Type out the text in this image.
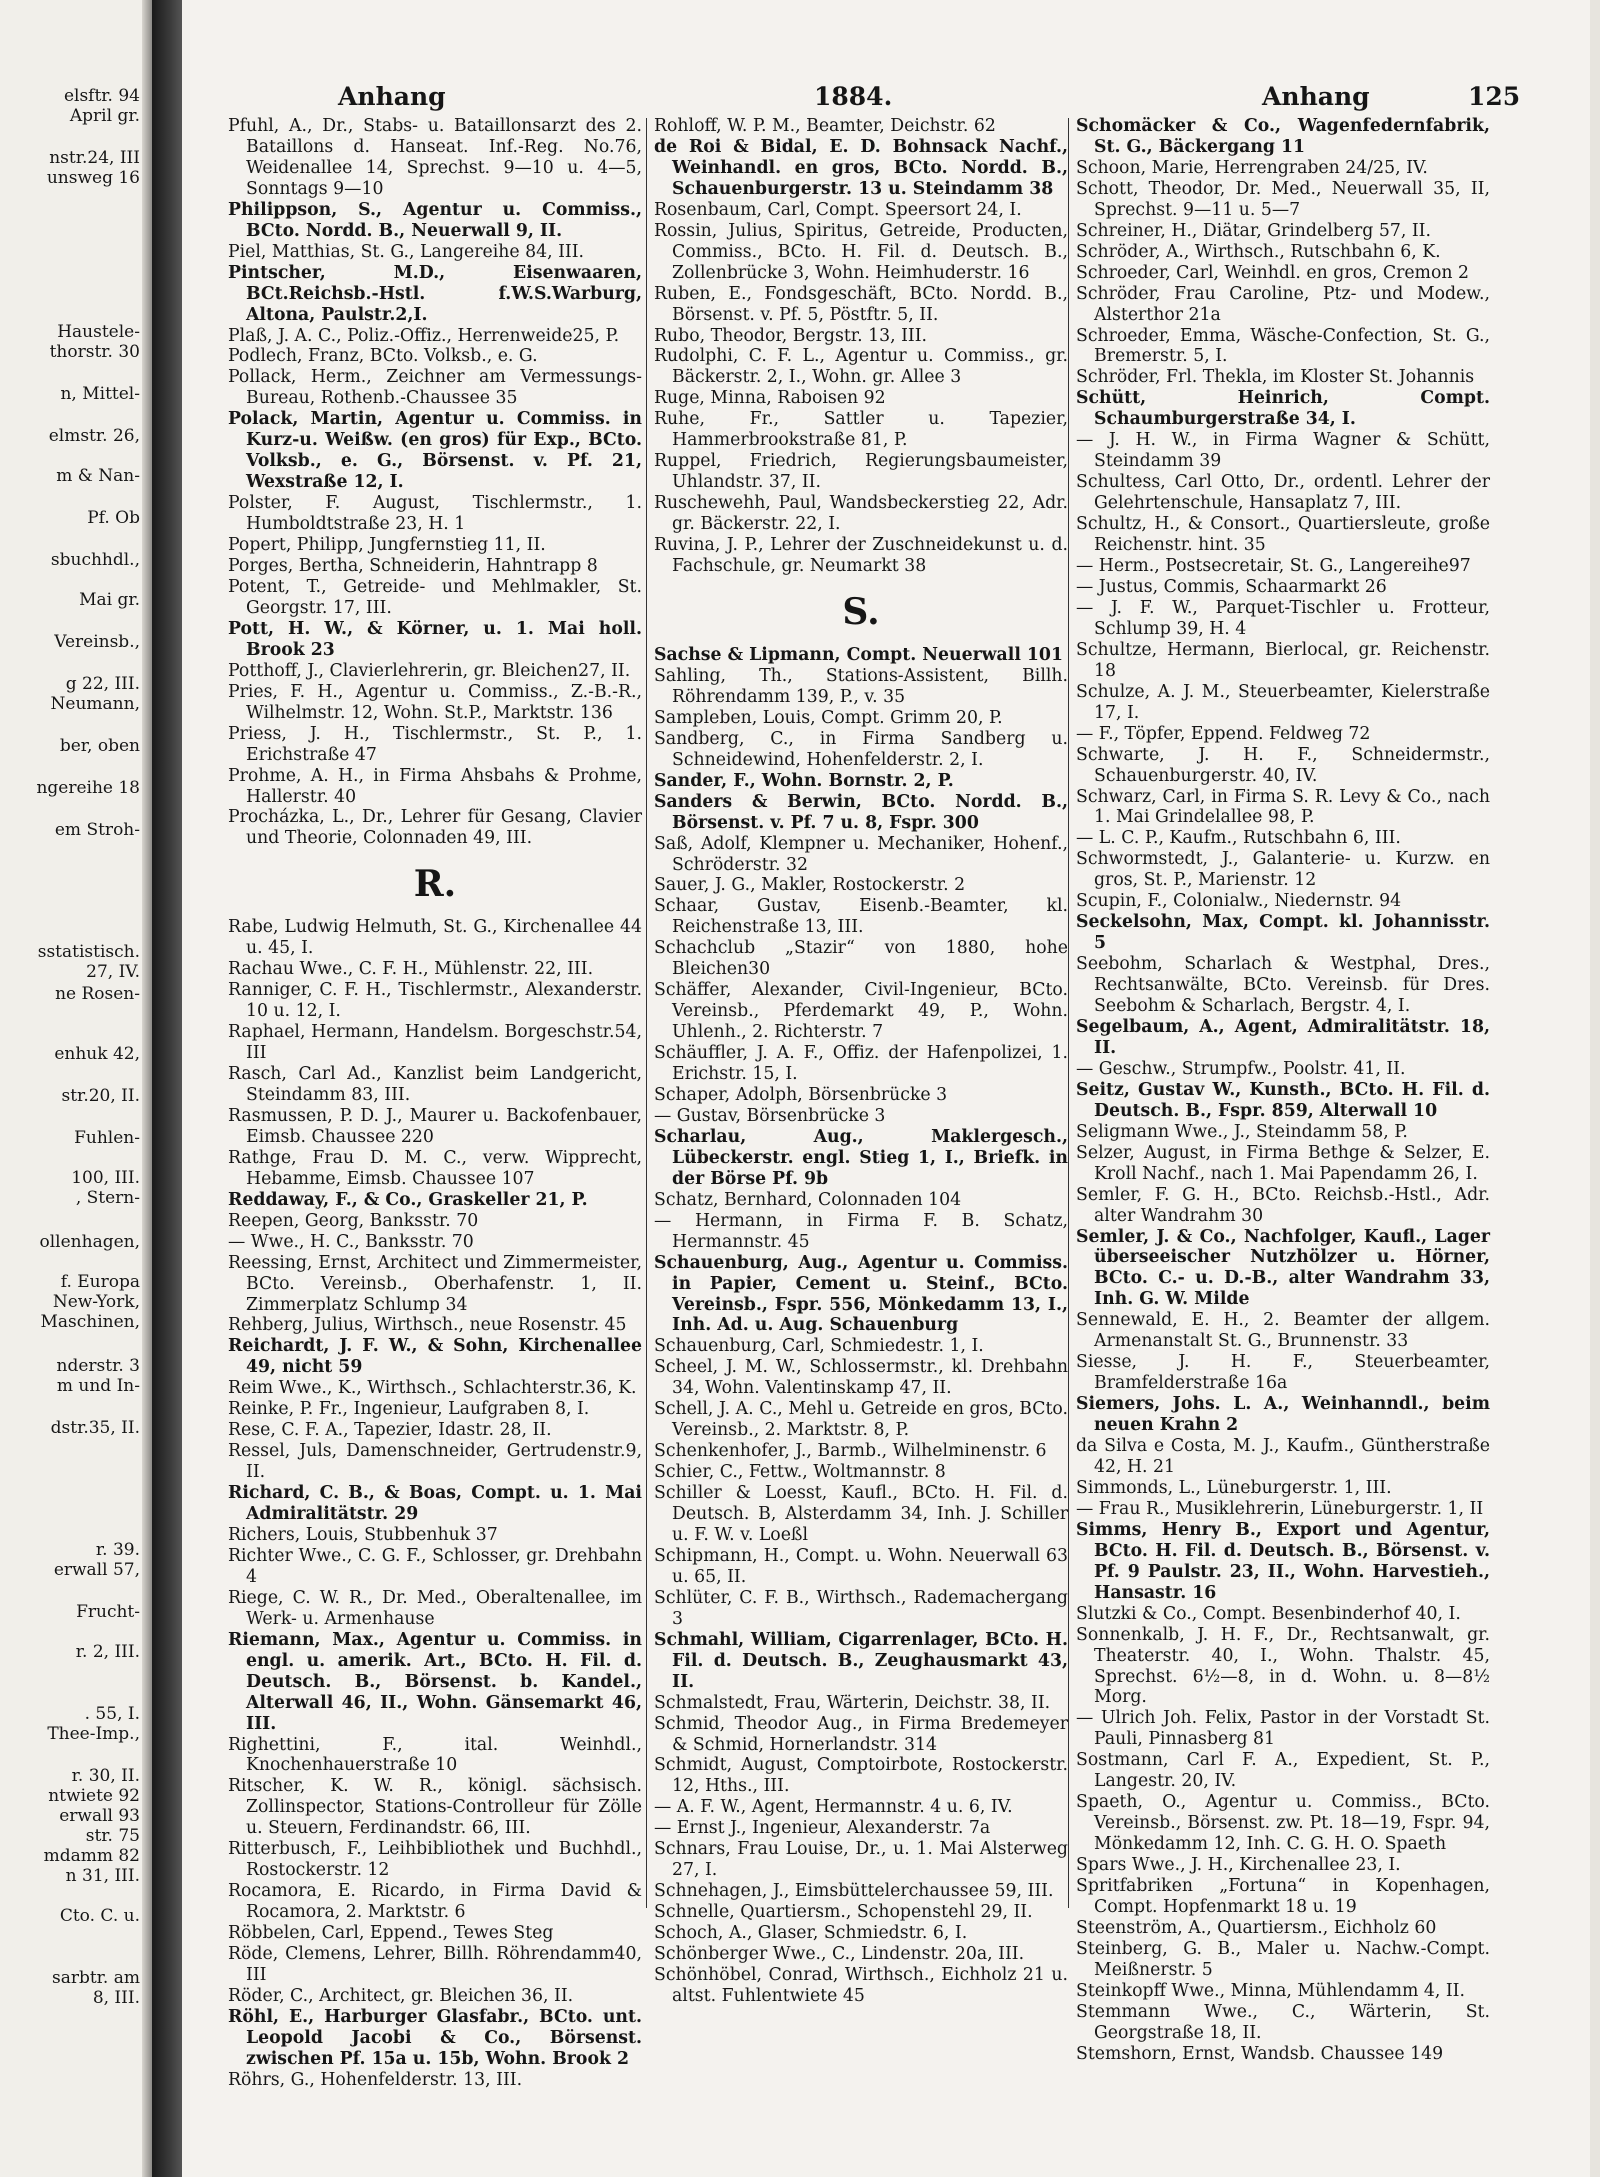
elsftr. 94
April gr.
nstr.24, III
unsweg 16
Haustele-
thorstr. 30
n, Mittel-
elmstr. 26,
m & Nan-
Pf. Ob
sbuchhdl.,
Mai gr.
Vereinsb.,
g 22, III.
Neumann,
ber, oben
ngereihe 18
em Stroh-
sstatistisch.
27, IV.
ne Rosen-
enhuk 42,
str.20, II.
Fuhlen-
100, III.
, Stern-
ollenhagen,
f. Europa
New-York,
Maschinen,
nderstr. 3
m und In-
dstr.35, II.
r. 39.
erwall 57,
Frucht-
r. 2, III.
. 55, I.
Thee-Imp.,
r. 30, II.
ntwiete 92
erwall 93
str. 75
mdamm 82
n 31, III.
Cto. C. u.
sarbtr. am
8, III.
Anhang	1884.	Anhang	125
Pfuhl, A., Dr., Stabs- u. Bataillonsarzt des 2. Bataillons d. Hanseat. Inf.-Reg. No.76, Weidenallee 14, Sprechst. 9—10 u. 4—5, Sonntags 9—10
Philippson, S., Agentur u. Commiss., BCto. Nordd. B., Neuerwall 9, II.
Piel, Matthias, St. G., Langereihe 84, III.
Pintscher, M.D., Eisenwaaren, BCt.Reichsb.-Hstl. f.W.S.Warburg, Altona, Paulstr.2,I.
Plaß, J. A. C., Poliz.-Offiz., Herrenweide25, P.
Podlech, Franz, BCto. Volksb., e. G.
Pollack, Herm., Zeichner am Vermessungs-Bureau, Rothenb.-Chaussee 35
Polack, Martin, Agentur u. Commiss. in Kurz-u. Weißw. (en gros) für Exp., BCto. Volksb., e. G., Börsenst. v. Pf. 21, Wexstraße 12, I.
Polster, F. August, Tischlermstr., 1. Humboldtstraße 23, H. 1
Popert, Philipp, Jungfernstieg 11, II.
Porges, Bertha, Schneiderin, Hahntrapp 8
Potent, T., Getreide- und Mehlmakler, St. Georgstr. 17, III.
Pott, H. W., & Körner, u. 1. Mai holl. Brook 23
Potthoff, J., Clavierlehrerin, gr. Bleichen27, II.
Pries, F. H., Agentur u. Commiss., Z.-B.-R., Wilhelmstr. 12, Wohn. St.P., Marktstr. 136
Priess, J. H., Tischlermstr., St. P., 1. Erichstraße 47
Prohme, A. H., in Firma Ahsbahs & Prohme, Hallerstr. 40
Procházka, L., Dr., Lehrer für Gesang, Clavier und Theorie, Colonnaden 49, III.
R.
Rabe, Ludwig Helmuth, St. G., Kirchenallee 44 u. 45, I.
Rachau Wwe., C. F. H., Mühlenstr. 22, III.
Ranniger, C. F. H., Tischlermstr., Alexanderstr. 10 u. 12, I.
Raphael, Hermann, Handelsm. Borgeschstr.54, III
Rasch, Carl Ad., Kanzlist beim Landgericht, Steindamm 83, III.
Rasmussen, P. D. J., Maurer u. Backofenbauer, Eimsb. Chaussee 220
Rathge, Frau D. M. C., verw. Wipprecht, Hebamme, Eimsb. Chaussee 107
Reddaway, F., & Co., Graskeller 21, P.
Reepen, Georg, Banksstr. 70
— Wwe., H. C., Banksstr. 70
Reessing, Ernst, Architect und Zimmermeister, BCto. Vereinsb., Oberhafenstr. 1, II. Zimmerplatz Schlump 34
Rehberg, Julius, Wirthsch., neue Rosenstr. 45
Reichardt, J. F. W., & Sohn, Kirchenallee 49, nicht 59
Reim Wwe., K., Wirthsch., Schlachterstr.36, K.
Reinke, P. Fr., Ingenieur, Laufgraben 8, I.
Rese, C. F. A., Tapezier, Idastr. 28, II.
Ressel, Juls, Damenschneider, Gertrudenstr.9, II.
Richard, C. B., & Boas, Compt. u. 1. Mai Admiralitätstr. 29
Richers, Louis, Stubbenhuk 37
Richter Wwe., C. G. F., Schlosser, gr. Drehbahn 4
Riege, C. W. R., Dr. Med., Oberaltenallee, im Werk- u. Armenhause
Riemann, Max., Agentur u. Commiss. in engl. u. amerik. Art., BCto. H. Fil. d. Deutsch. B., Börsenst. b. Kandel., Alterwall 46, II., Wohn. Gänsemarkt 46, III.
Righettini, F., ital. Weinhdl., Knochenhauerstraße 10
Ritscher, K. W. R., königl. sächsisch. Zollinspector, Stations-Controlleur für Zölle u. Steuern, Ferdinandstr. 66, III.
Ritterbusch, F., Leihbibliothek und Buchhdl., Rostockerstr. 12
Rocamora, E. Ricardo, in Firma David & Rocamora, 2. Marktstr. 6
Röbbelen, Carl, Eppend., Tewes Steg
Röde, Clemens, Lehrer, Billh. Röhrendamm40, III
Röder, C., Architect, gr. Bleichen 36, II.
Röhl, E., Harburger Glasfabr., BCto. unt. Leopold Jacobi & Co., Börsenst. zwischen Pf. 15a u. 15b, Wohn. Brook 2
Röhrs, G., Hohenfelderstr. 13, III.
Rohloff, W. P. M., Beamter, Deichstr. 62
de Roi & Bidal, E. D. Bohnsack Nachf., Weinhandl. en gros, BCto. Nordd. B., Schauenburgerstr. 13 u. Steindamm 38
Rosenbaum, Carl, Compt. Speersort 24, I.
Rossin, Julius, Spiritus, Getreide, Producten, Commiss., BCto. H. Fil. d. Deutsch. B., Zollenbrücke 3, Wohn. Heimhuderstr. 16
Ruben, E., Fondsgeschäft, BCto. Nordd. B., Börsenst. v. Pf. 5, Pöstftr. 5, II.
Rubo, Theodor, Bergstr. 13, III.
Rudolphi, C. F. L., Agentur u. Commiss., gr. Bäckerstr. 2, I., Wohn. gr. Allee 3
Ruge, Minna, Raboisen 92
Ruhe, Fr., Sattler u. Tapezier, Hammerbrookstraße 81, P.
Ruppel, Friedrich, Regierungsbaumeister, Uhlandstr. 37, II.
Ruschewehh, Paul, Wandsbeckerstieg 22, Adr. gr. Bäckerstr. 22, I.
Ruvina, J. P., Lehrer der Zuschneidekunst u. d. Fachschule, gr. Neumarkt 38
S.
Sachse & Lipmann, Compt. Neuerwall 101
Sahling, Th., Stations-Assistent, Billh. Röhrendamm 139, P., v. 35
Sampleben, Louis, Compt. Grimm 20, P.
Sandberg, C., in Firma Sandberg u. Schneidewind, Hohenfelderstr. 2, I.
Sander, F., Wohn. Bornstr. 2, P.
Sanders & Berwin, BCto. Nordd. B., Börsenst. v. Pf. 7 u. 8, Fspr. 300
Saß, Adolf, Klempner u. Mechaniker, Hohenf., Schröderstr. 32
Sauer, J. G., Makler, Rostockerstr. 2
Schaar, Gustav, Eisenb.-Beamter, kl. Reichenstraße 13, III.
Schachclub „Stazir“ von 1880, hohe Bleichen30
Schäffer, Alexander, Civil-Ingenieur, BCto. Vereinsb., Pferdemarkt 49, P., Wohn. Uhlenh., 2. Richterstr. 7
Schäuffler, J. A. F., Offiz. der Hafenpolizei, 1. Erichstr. 15, I.
Schaper, Adolph, Börsenbrücke 3
— Gustav, Börsenbrücke 3
Scharlau, Aug., Maklergesch., Lübeckerstr. engl. Stieg 1, I., Briefk. in der Börse Pf. 9b
Schatz, Bernhard, Colonnaden 104
— Hermann, in Firma F. B. Schatz, Hermannstr. 45
Schauenburg, Aug., Agentur u. Commiss. in Papier, Cement u. Steinf., BCto. Vereinsb., Fspr. 556, Mönkedamm 13, I., Inh. Ad. u. Aug. Schauenburg
Schauenburg, Carl, Schmiedestr. 1, I.
Scheel, J. M. W., Schlossermstr., kl. Drehbahn 34, Wohn. Valentinskamp 47, II.
Schell, J. A. C., Mehl u. Getreide en gros, BCto. Vereinsb., 2. Marktstr. 8, P.
Schenkenhofer, J., Barmb., Wilhelminenstr. 6
Schier, C., Fettw., Woltmannstr. 8
Schiller & Loesst, Kaufl., BCto. H. Fil. d. Deutsch. B, Alsterdamm 34, Inh. J. Schiller u. F. W. v. Loeßl
Schipmann, H., Compt. u. Wohn. Neuerwall 63 u. 65, II.
Schlüter, C. F. B., Wirthsch., Rademachergang 3
Schmahl, William, Cigarrenlager, BCto. H. Fil. d. Deutsch. B., Zeughausmarkt 43, II.
Schmalstedt, Frau, Wärterin, Deichstr. 38, II.
Schmid, Theodor Aug., in Firma Bredemeyer & Schmid, Hornerlandstr. 314
Schmidt, August, Comptoirbote, Rostockerstr. 12, Hths., III.
— A. F. W., Agent, Hermannstr. 4 u. 6, IV.
— Ernst J., Ingenieur, Alexanderstr. 7a
Schnars, Frau Louise, Dr., u. 1. Mai Alsterweg 27, I.
Schnehagen, J., Eimsbüttelerchaussee 59, III.
Schnelle, Quartiersm., Schopenstehl 29, II.
Schoch, A., Glaser, Schmiedstr. 6, I.
Schönberger Wwe., C., Lindenstr. 20a, III.
Schönhöbel, Conrad, Wirthsch., Eichholz 21 u. altst. Fuhlentwiete 45
Schomäcker & Co., Wagenfedernfabrik, St. G., Bäckergang 11
Schoon, Marie, Herrengraben 24/25, IV.
Schott, Theodor, Dr. Med., Neuerwall 35, II, Sprechst. 9—11 u. 5—7
Schreiner, H., Diätar, Grindelberg 57, II.
Schröder, A., Wirthsch., Rutschbahn 6, K.
Schroeder, Carl, Weinhdl. en gros, Cremon 2
Schröder, Frau Caroline, Ptz- und Modew., Alsterthor 21a
Schroeder, Emma, Wäsche-Confection, St. G., Bremerstr. 5, I.
Schröder, Frl. Thekla, im Kloster St. Johannis
Schütt, Heinrich, Compt. Schaumburgerstraße 34, I.
— J. H. W., in Firma Wagner & Schütt, Steindamm 39
Schultess, Carl Otto, Dr., ordentl. Lehrer der Gelehrtenschule, Hansaplatz 7, III.
Schultz, H., & Consort., Quartiersleute, große Reichenstr. hint. 35
— Herm., Postsecretair, St. G., Langereihe97
— Justus, Commis, Schaarmarkt 26
— J. F. W., Parquet-Tischler u. Frotteur, Schlump 39, H. 4
Schultze, Hermann, Bierlocal, gr. Reichenstr. 18
Schulze, A. J. M., Steuerbeamter, Kielerstraße 17, I.
— F., Töpfer, Eppend. Feldweg 72
Schwarte, J. H. F., Schneidermstr., Schauenburgerstr. 40, IV.
Schwarz, Carl, in Firma S. R. Levy & Co., nach 1. Mai Grindelallee 98, P.
— L. C. P., Kaufm., Rutschbahn 6, III.
Schwormstedt, J., Galanterie- u. Kurzw. en gros, St. P., Marienstr. 12
Scupin, F., Colonialw., Niedernstr. 94
Seckelsohn, Max, Compt. kl. Johannisstr. 5
Seebohm, Scharlach & Westphal, Dres., Rechtsanwälte, BCto. Vereinsb. für Dres. Seebohm & Scharlach, Bergstr. 4, I.
Segelbaum, A., Agent, Admiralitätstr. 18, II.
— Geschw., Strumpfw., Poolstr. 41, II.
Seitz, Gustav W., Kunsth., BCto. H. Fil. d. Deutsch. B., Fspr. 859, Alterwall 10
Seligmann Wwe., J., Steindamm 58, P.
Selzer, August, in Firma Bethge & Selzer, E. Kroll Nachf., nach 1. Mai Papendamm 26, I.
Semler, F. G. H., BCto. Reichsb.-Hstl., Adr. alter Wandrahm 30
Semler, J. & Co., Nachfolger, Kaufl., Lager überseeischer Nutzhölzer u. Hörner, BCto. C.- u. D.-B., alter Wandrahm 33, Inh. G. W. Milde
Sennewald, E. H., 2. Beamter der allgem. Armenanstalt St. G., Brunnenstr. 33
Siesse, J. H. F., Steuerbeamter, Bramfelderstraße 16a
Siemers, Johs. L. A., Weinhanndl., beim neuen Krahn 2
da Silva e Costa, M. J., Kaufm., Güntherstraße 42, H. 21
Simmonds, L., Lüneburgerstr. 1, III.
— Frau R., Musiklehrerin, Lüneburgerstr. 1, II
Simms, Henry B., Export und Agentur, BCto. H. Fil. d. Deutsch. B., Börsenst. v. Pf. 9 Paulstr. 23, II., Wohn. Harvestieh., Hansastr. 16
Slutzki & Co., Compt. Besenbinderhof 40, I.
Sonnenkalb, J. H. F., Dr., Rechtsanwalt, gr. Theaterstr. 40, I., Wohn. Thalstr. 45, Sprechst. 6½—8, in d. Wohn. u. 8—8½ Morg.
— Ulrich Joh. Felix, Pastor in der Vorstadt St. Pauli, Pinnasberg 81
Sostmann, Carl F. A., Expedient, St. P., Langestr. 20, IV.
Spaeth, O., Agentur u. Commiss., BCto. Vereinsb., Börsenst. zw. Pt. 18—19, Fspr. 94, Mönkedamm 12, Inh. C. G. H. O. Spaeth
Spars Wwe., J. H., Kirchenallee 23, I.
Spritfabriken „Fortuna“ in Kopenhagen, Compt. Hopfenmarkt 18 u. 19
Steenström, A., Quartiersm., Eichholz 60
Steinberg, G. B., Maler u. Nachw.-Compt. Meißnerstr. 5
Steinkopff Wwe., Minna, Mühlendamm 4, II.
Stemmann Wwe., C., Wärterin, St. Georgstraße 18, II.
Stemshorn, Ernst, Wandsb. Chaussee 149
